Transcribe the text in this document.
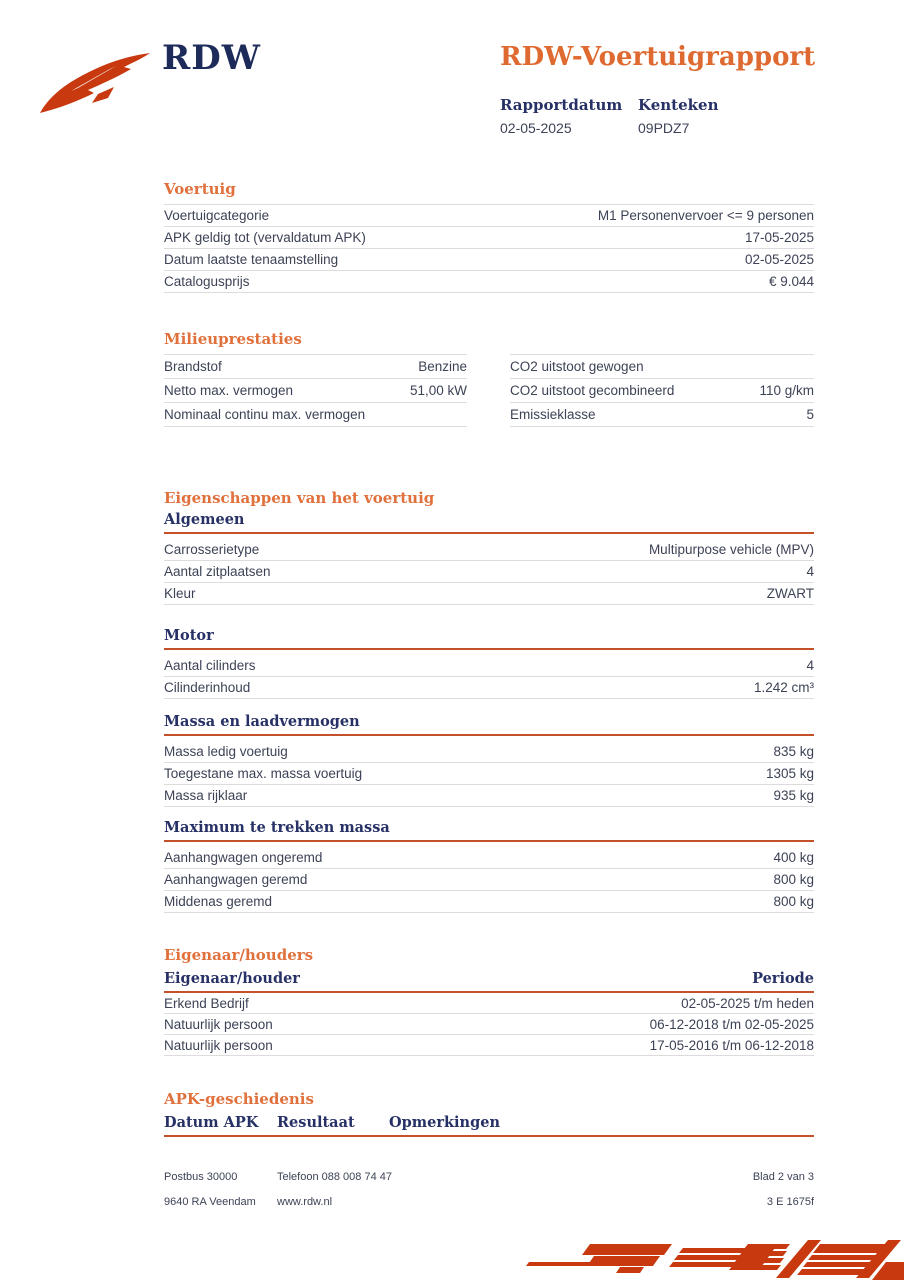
RDW	RDW-Voertuigrapport
Rapportdatum
02-05-2025
Kenteken
09PDZ7
Voertuig
Voertuigcategorie	M1 Personenvervoer <= 9 personen
APK geldig tot (vervaldatum APK)	17-05-2025
Datum laatste tenaamstelling	02-05-2025
Catalogusprijs	€ 9.044
Milieuprestaties
Brandstof	Benzine
Netto max. vermogen	51,00 kW
Nominaal continu max. vermogen
CO2 uitstoot gewogen
CO2 uitstoot gecombineerd	110 g/km
Emissieklasse	5
Eigenschappen van het voertuig
Algemeen
Carrosserietype	Multipurpose vehicle (MPV)
Aantal zitplaatsen	4
Kleur	ZWART
Motor
Aantal cilinders	4
Cilinderinhoud	1.242 cm³
Massa en laadvermogen
Massa ledig voertuig	835 kg
Toegestane max. massa voertuig	1305 kg
Massa rijklaar	935 kg
Maximum te trekken massa
Aanhangwagen ongeremd	400 kg
Aanhangwagen geremd	800 kg
Middenas geremd	800 kg
Eigenaar/houders
Eigenaar/houder	Periode
Erkend Bedrijf	02-05-2025 t/m heden
Natuurlijk persoon	06-12-2018 t/m 02-05-2025
Natuurlijk persoon	17-05-2016 t/m 06-12-2018
APK-geschiedenis
Datum APK	Resultaat	Opmerkingen
Postbus 30000	Telefoon 088 008 74 47	Blad 2 van 3
9640 RA Veendam	www.rdw.nl	3 E 1675f
